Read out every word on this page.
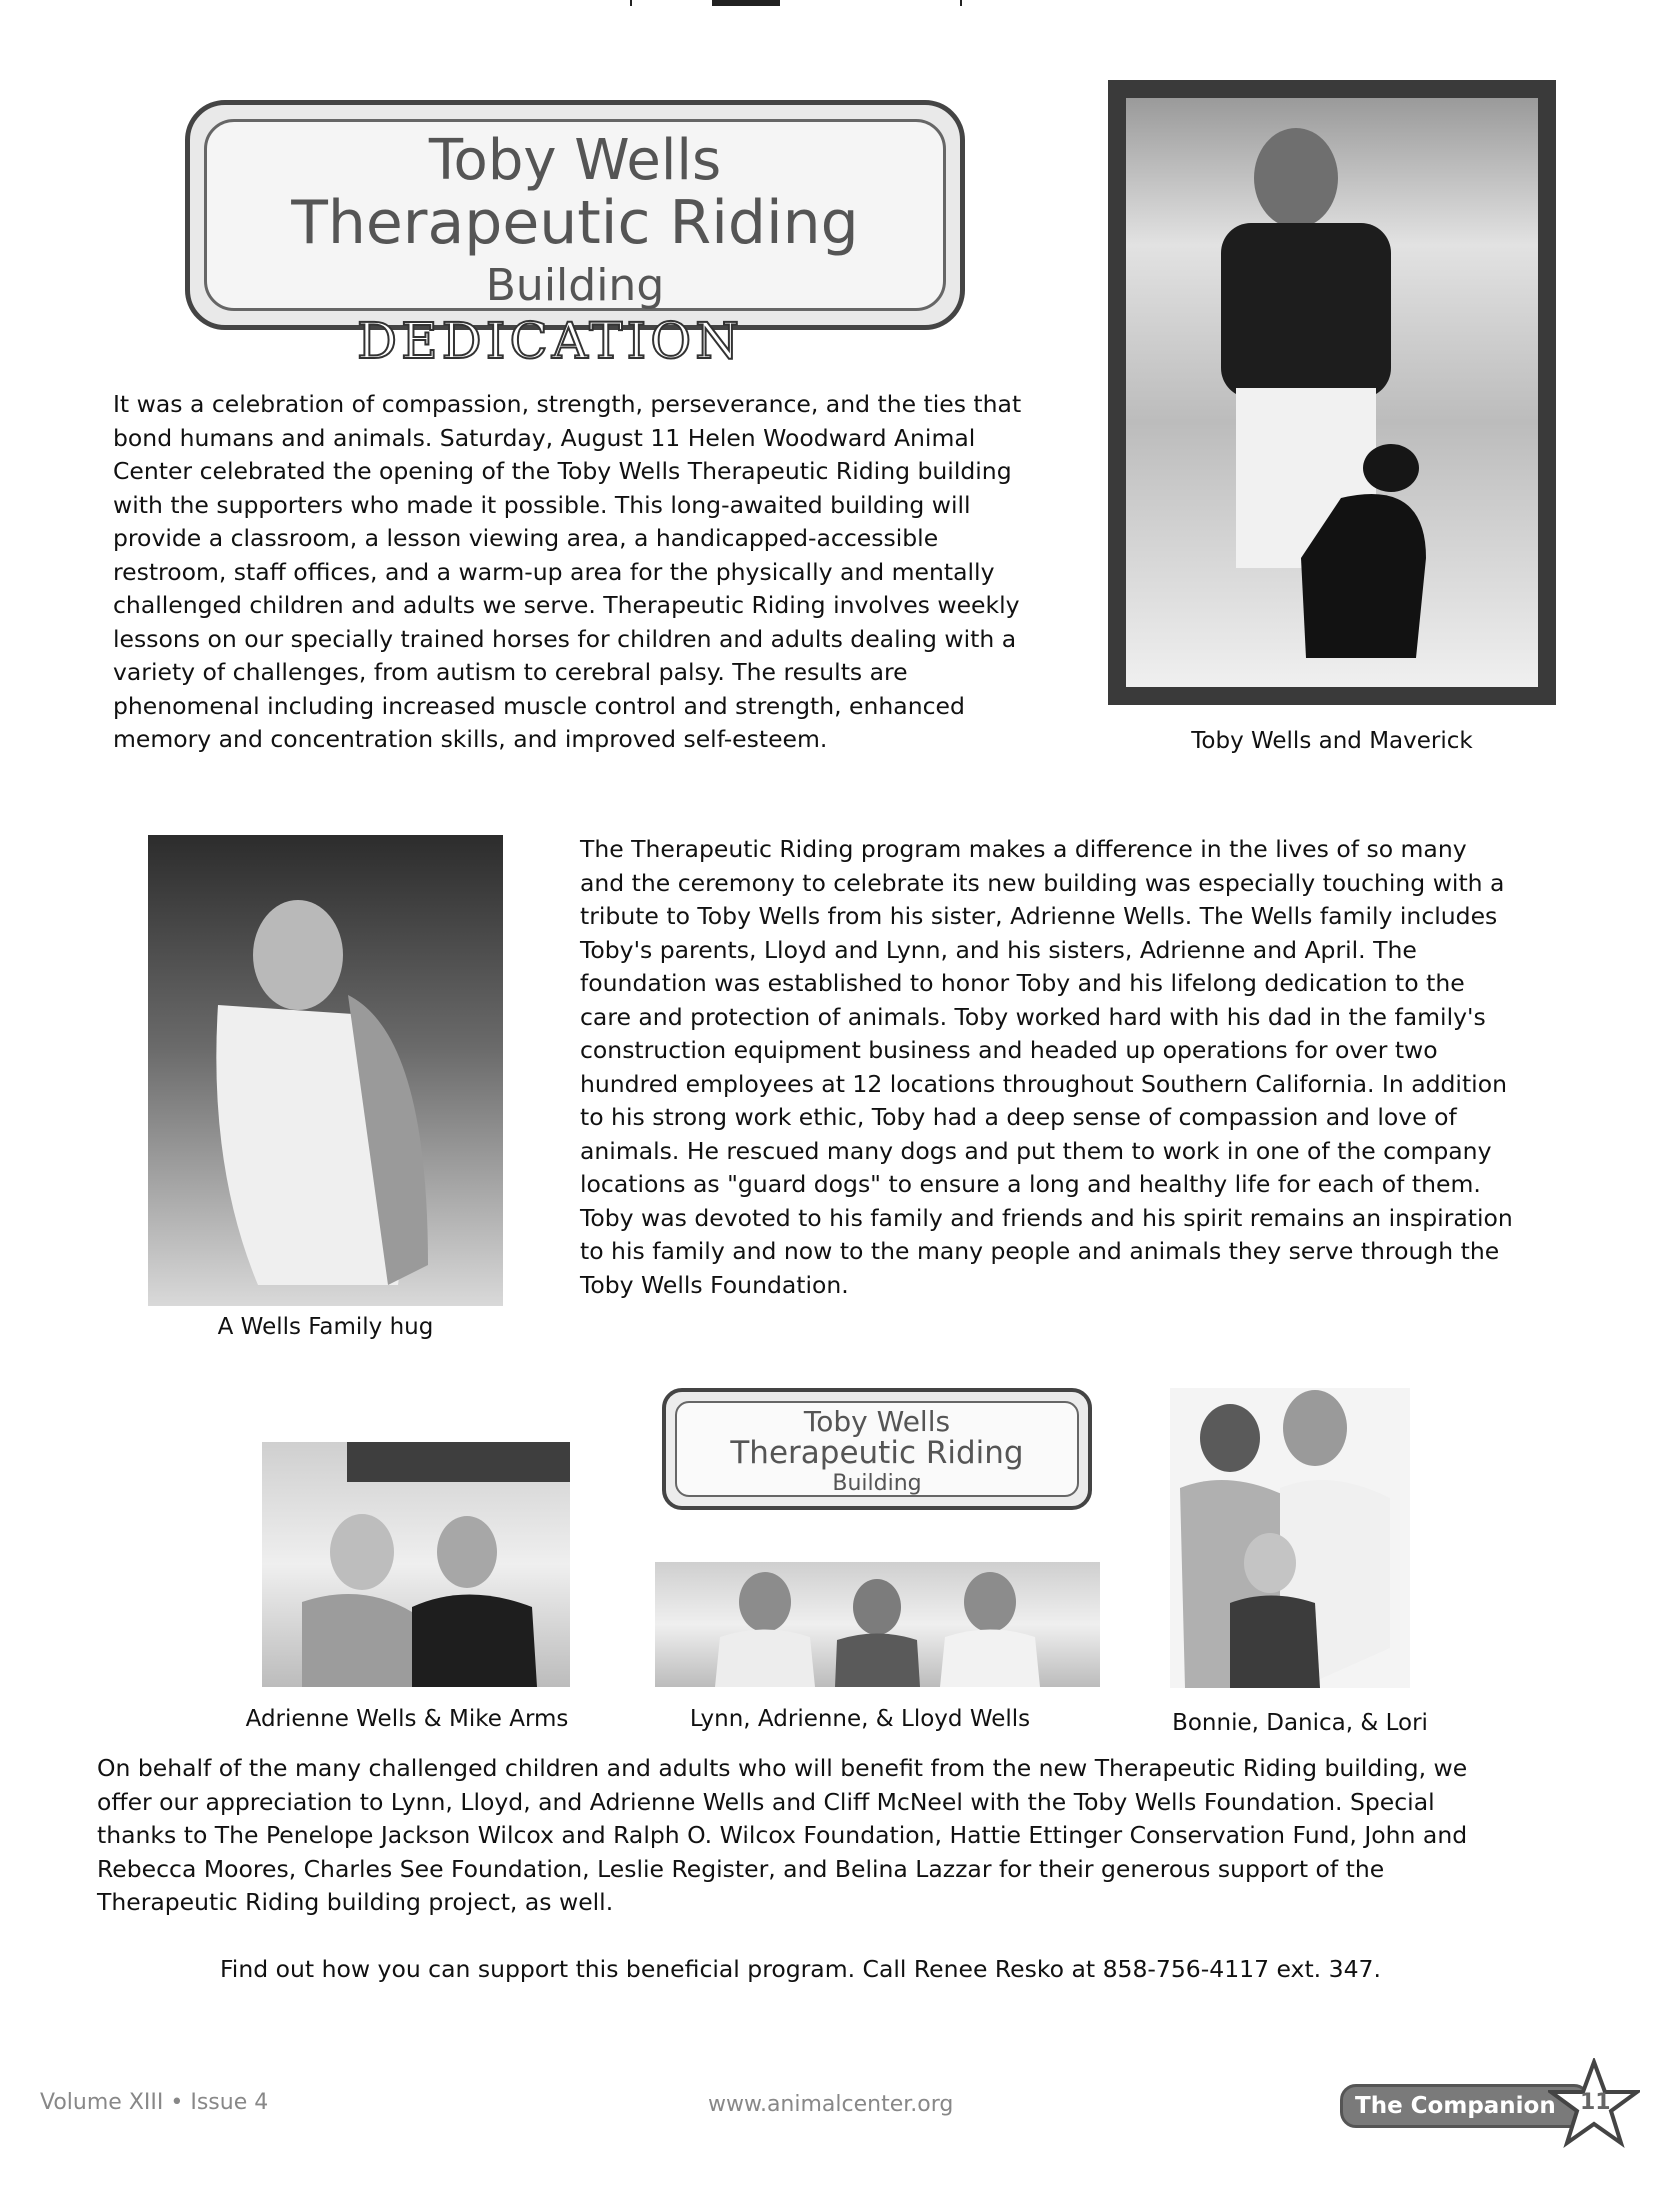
Toby Wells
Therapeutic Riding
Building
DEDICATION

It was a celebration of compassion, strength, perseverance, and the ties that

bond humans and animals. Saturday, August 11 Helen Woodward Animal

Center celebrated the opening of the Toby Wells Therapeutic Riding building

with the supporters who made it possible. This long-awaited building will

provide a classroom, a lesson viewing area, a handicapped-accessible

restroom, staff offices, and a warm-up area for the physically and mentally

challenged children and adults we serve. Therapeutic Riding involves weekly

lessons on our specially trained horses for children and adults dealing with a

variety of challenges, from autism to cerebral palsy. The results are

phenomenal including increased muscle control and strength, enhanced

memory and concentration skills, and improved self-esteem.	Toby Wells and Maverick
A Wells Family hug

The Therapeutic Riding program makes a difference in the lives of so many

and the ceremony to celebrate its new building was especially touching with a

tribute to Toby Wells from his sister, Adrienne Wells. The Wells family includes

Toby's parents, Lloyd and Lynn, and his sisters, Adrienne and April. The

foundation was established to honor Toby and his lifelong dedication to the

care and protection of animals. Toby worked hard with his dad in the family's

construction equipment business and headed up operations for over two

hundred employees at 12 locations throughout Southern California. In addition

to his strong work ethic, Toby had a deep sense of compassion and love of

animals. He rescued many dogs and put them to work in one of the company

locations as "guard dogs" to ensure a long and healthy life for each of them.

Toby was devoted to his family and friends and his spirit remains an inspiration

to his family and now to the many people and animals they serve through the

Toby Wells Foundation.

Adrienne Wells & Mike Arms
Toby Wells
Therapeutic Riding
Building
Lynn, Adrienne, & Lloyd Wells	Bonnie, Danica, & Lori

On behalf of the many challenged children and adults who will benefit from the new Therapeutic Riding building, we

offer our appreciation to Lynn, Lloyd, and Adrienne Wells and Cliff McNeel with the Toby Wells Foundation. Special

thanks to The Penelope Jackson Wilcox and Ralph O. Wilcox Foundation, Hattie Ettinger Conservation Fund, John and

Rebecca Moores, Charles See Foundation, Leslie Register, and Belina Lazzar for their generous support of the

Therapeutic Riding building project, as well.

Find out how you can support this beneficial program. Call Renee Resko at 858-756-4117 ext. 347.
Volume XIII • Issue 4	www.animalcenter.org	The Companion 11
